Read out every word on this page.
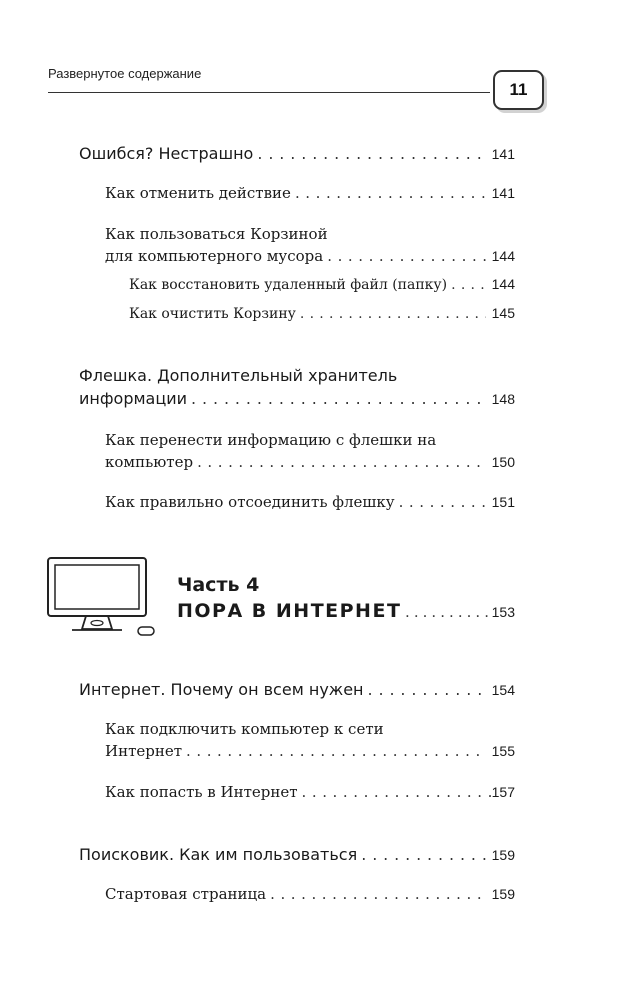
Развернутое содержание
11
Ошибся? Нестрашно . . .	141
Как отменить действие . . .	141
Как пользоваться Корзиной
для компьютерного мусора . . .	144
Как восстановить удаленный файл (папку) . . .	144
Как очистить Корзину . . .	145
Флешка. Дополнительный хранитель
информации . . .	148
Как перенести информацию с флешки на
компьютер . . .	150
Как правильно отсоединить флешку . . .	151
Часть 4
ПОРА В ИНТЕРНЕТ . . .	153
Интернет. Почему он всем нужен . . .	154
Как подключить компьютер к сети
Интернет . . .	155
Как попасть в Интернет . . .	157
Поисковик. Как им пользоваться . . .	159
Стартовая страница . . .	159
